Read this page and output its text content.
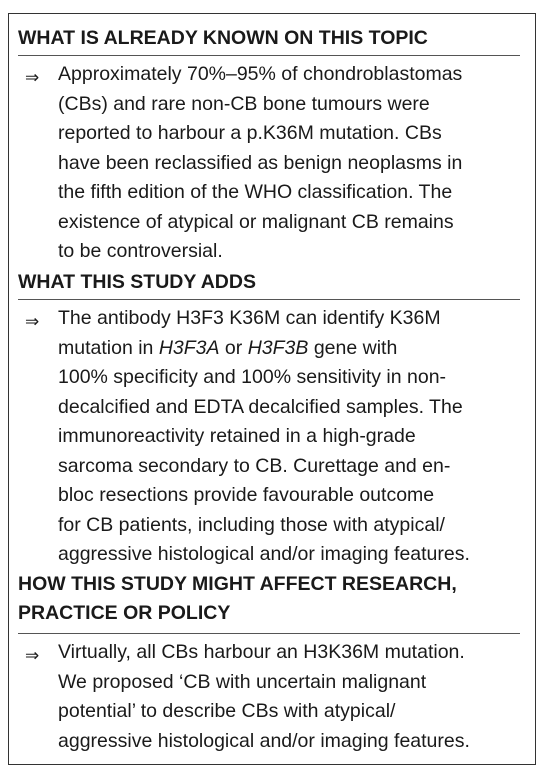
WHAT IS ALREADY KNOWN ON THIS TOPIC
⇒ Approximately 70%–95% of chondroblastomas
(CBs) and rare non-CB bone tumours were
reported to harbour a p.K36M mutation. CBs
have been reclassified as benign neoplasms in
the fifth edition of the WHO classification. The
existence of atypical or malignant CB remains
to be controversial.
WHAT THIS STUDY ADDS
⇒ The antibody H3F3 K36M can identify K36M
mutation in H3F3A or H3F3B gene with
100% specificity and 100% sensitivity in non-
decalcified and EDTA decalcified samples. The
immunoreactivity retained in a high-grade
sarcoma secondary to CB. Curettage and en-
bloc resections provide favourable outcome
for CB patients, including those with atypical/
aggressive histological and/or imaging features.
HOW THIS STUDY MIGHT AFFECT RESEARCH,
PRACTICE OR POLICY
⇒ Virtually, all CBs harbour an H3K36M mutation.
We proposed ‘CB with uncertain malignant
potential’ to describe CBs with atypical/
aggressive histological and/or imaging features.
